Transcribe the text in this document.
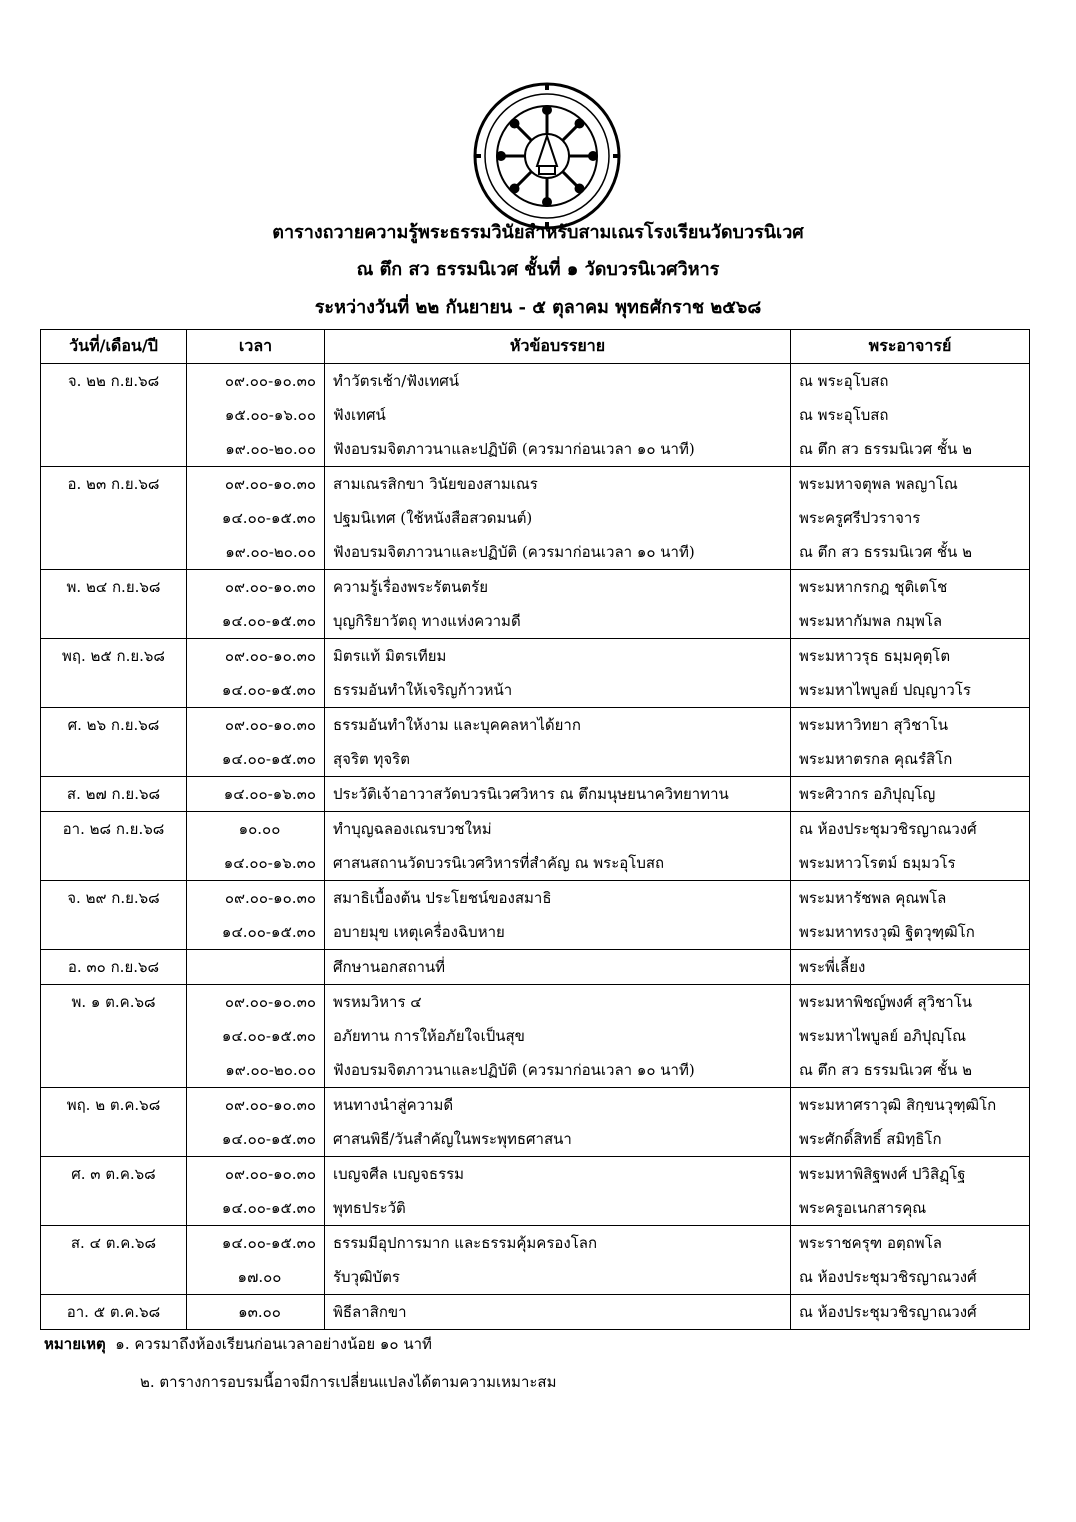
ตารางถวายความรู้พระธรรมวินัยสำหรับสามเณรโรงเรียนวัดบวรนิเวศ
ณ ตึก สว ธรรมนิเวศ ชั้นที่ ๑ วัดบวรนิเวศวิหาร
ระหว่างวันที่ ๒๒ กันยายน - ๕ ตุลาคม พุทธศักราช ๒๕๖๘
วันที่/เดือน/ปี	เวลา	หัวข้อบรรยาย	พระอาจารย์
จ. ๒๒ ก.ย.๖๘	๐๙.๐๐-๑๐.๓๐	ทำวัตรเช้า/ฟังเทศน์	ณ พระอุโบสถ
	๑๕.๐๐-๑๖.๐๐	ฟังเทศน์	ณ พระอุโบสถ
	๑๙.๐๐-๒๐.๐๐	ฟังอบรมจิตภาวนาและปฏิบัติ (ควรมาก่อนเวลา ๑๐ นาที)	ณ ตึก สว ธรรมนิเวศ ชั้น ๒
อ. ๒๓ ก.ย.๖๘	๐๙.๐๐-๑๐.๓๐	สามเณรสิกขา วินัยของสามเณร	พระมหาจตุพล พลญาโณ
	๑๔.๐๐-๑๕.๓๐	ปฐมนิเทศ (ใช้หนังสือสวดมนต์)	พระครูศรีปวราจาร
	๑๙.๐๐-๒๐.๐๐	ฟังอบรมจิตภาวนาและปฏิบัติ (ควรมาก่อนเวลา ๑๐ นาที)	ณ ตึก สว ธรรมนิเวศ ชั้น ๒
พ. ๒๔ ก.ย.๖๘	๐๙.๐๐-๑๐.๓๐	ความรู้เรื่องพระรัตนตรัย	พระมหากรกฎ ชุติเตโช
	๑๔.๐๐-๑๕.๓๐	บุญกิริยาวัตถุ ทางแห่งความดี	พระมหากัมพล กมฺพโล
พฤ. ๒๕ ก.ย.๖๘	๐๙.๐๐-๑๐.๓๐	มิตรแท้ มิตรเทียม	พระมหาวรุธ ธมฺมคุตฺโต
	๑๔.๐๐-๑๕.๓๐	ธรรมอันทำให้เจริญก้าวหน้า	พระมหาไพบูลย์ ปญฺญาวโร
ศ. ๒๖ ก.ย.๖๘	๐๙.๐๐-๑๐.๓๐	ธรรมอันทำให้งาม และบุคคลหาได้ยาก	พระมหาวิทยา สุวิชาโน
	๑๔.๐๐-๑๕.๓๐	สุจริต ทุจริต	พระมหาตรกล คุณรํสิโก
ส. ๒๗ ก.ย.๖๘	๑๔.๐๐-๑๖.๓๐	ประวัติเจ้าอาวาสวัดบวรนิเวศวิหาร ณ ตึกมนุษยนาควิทยาทาน	พระศิวากร อภิปุญฺโญ
อา. ๒๘ ก.ย.๖๘	๑๐.๐๐	ทำบุญฉลองเณรบวชใหม่	ณ ห้องประชุมวชิรญาณวงศ์
	๑๔.๐๐-๑๖.๓๐	ศาสนสถานวัดบวรนิเวศวิหารที่สำคัญ ณ พระอุโบสถ	พระมหาวโรตม์ ธมฺมวโร
จ. ๒๙ ก.ย.๖๘	๐๙.๐๐-๑๐.๓๐	สมาธิเบื้องต้น ประโยชน์ของสมาธิ	พระมหารัชพล คุณพโล
	๑๔.๐๐-๑๕.๓๐	อบายมุข เหตุเครื่องฉิบหาย	พระมหาทรงวุฒิ ฐิตวุฑฺฒิโก
อ. ๓๐ ก.ย.๖๘		ศึกษานอกสถานที่	พระพี่เลี้ยง
พ. ๑ ต.ค.๖๘	๐๙.๐๐-๑๐.๓๐	พรหมวิหาร ๔	พระมหาพิชญ์พงศ์ สุวิชาโน
	๑๔.๐๐-๑๕.๓๐	อภัยทาน การให้อภัยใจเป็นสุข	พระมหาไพบูลย์ อภิปุญฺโณ
	๑๙.๐๐-๒๐.๐๐	ฟังอบรมจิตภาวนาและปฏิบัติ (ควรมาก่อนเวลา ๑๐ นาที)	ณ ตึก สว ธรรมนิเวศ ชั้น ๒
พฤ. ๒ ต.ค.๖๘	๐๙.๐๐-๑๐.๓๐	หนทางนำสู่ความดี	พระมหาศราวุฒิ สิกฺขนวุฑฺฒิโก
	๑๔.๐๐-๑๕.๓๐	ศาสนพิธี/วันสำคัญในพระพุทธศาสนา	พระศักดิ์สิทธิ์ สมิทฺธิโก
ศ. ๓ ต.ค.๖๘	๐๙.๐๐-๑๐.๓๐	เบญจศีล เบญจธรรม	พระมหาพิสิฐพงศ์ ปวิสิฏฺโฐ
	๑๔.๐๐-๑๕.๓๐	พุทธประวัติ	พระครูอเนกสารคุณ
ส. ๔ ต.ค.๖๘	๑๔.๐๐-๑๕.๓๐	ธรรมมีอุปการมาก และธรรมคุ้มครองโลก	พระราชครุฑ อตฺถพโล
	๑๗.๐๐	รับวุฒิบัตร	ณ ห้องประชุมวชิรญาณวงศ์
อา. ๕ ต.ค.๖๘	๑๓.๐๐	พิธีลาสิกขา	ณ ห้องประชุมวชิรญาณวงศ์
หมายเหตุ ๑. ควรมาถึงห้องเรียนก่อนเวลาอย่างน้อย ๑๐ นาที
๒. ตารางการอบรมนี้อาจมีการเปลี่ยนแปลงได้ตามความเหมาะสม
